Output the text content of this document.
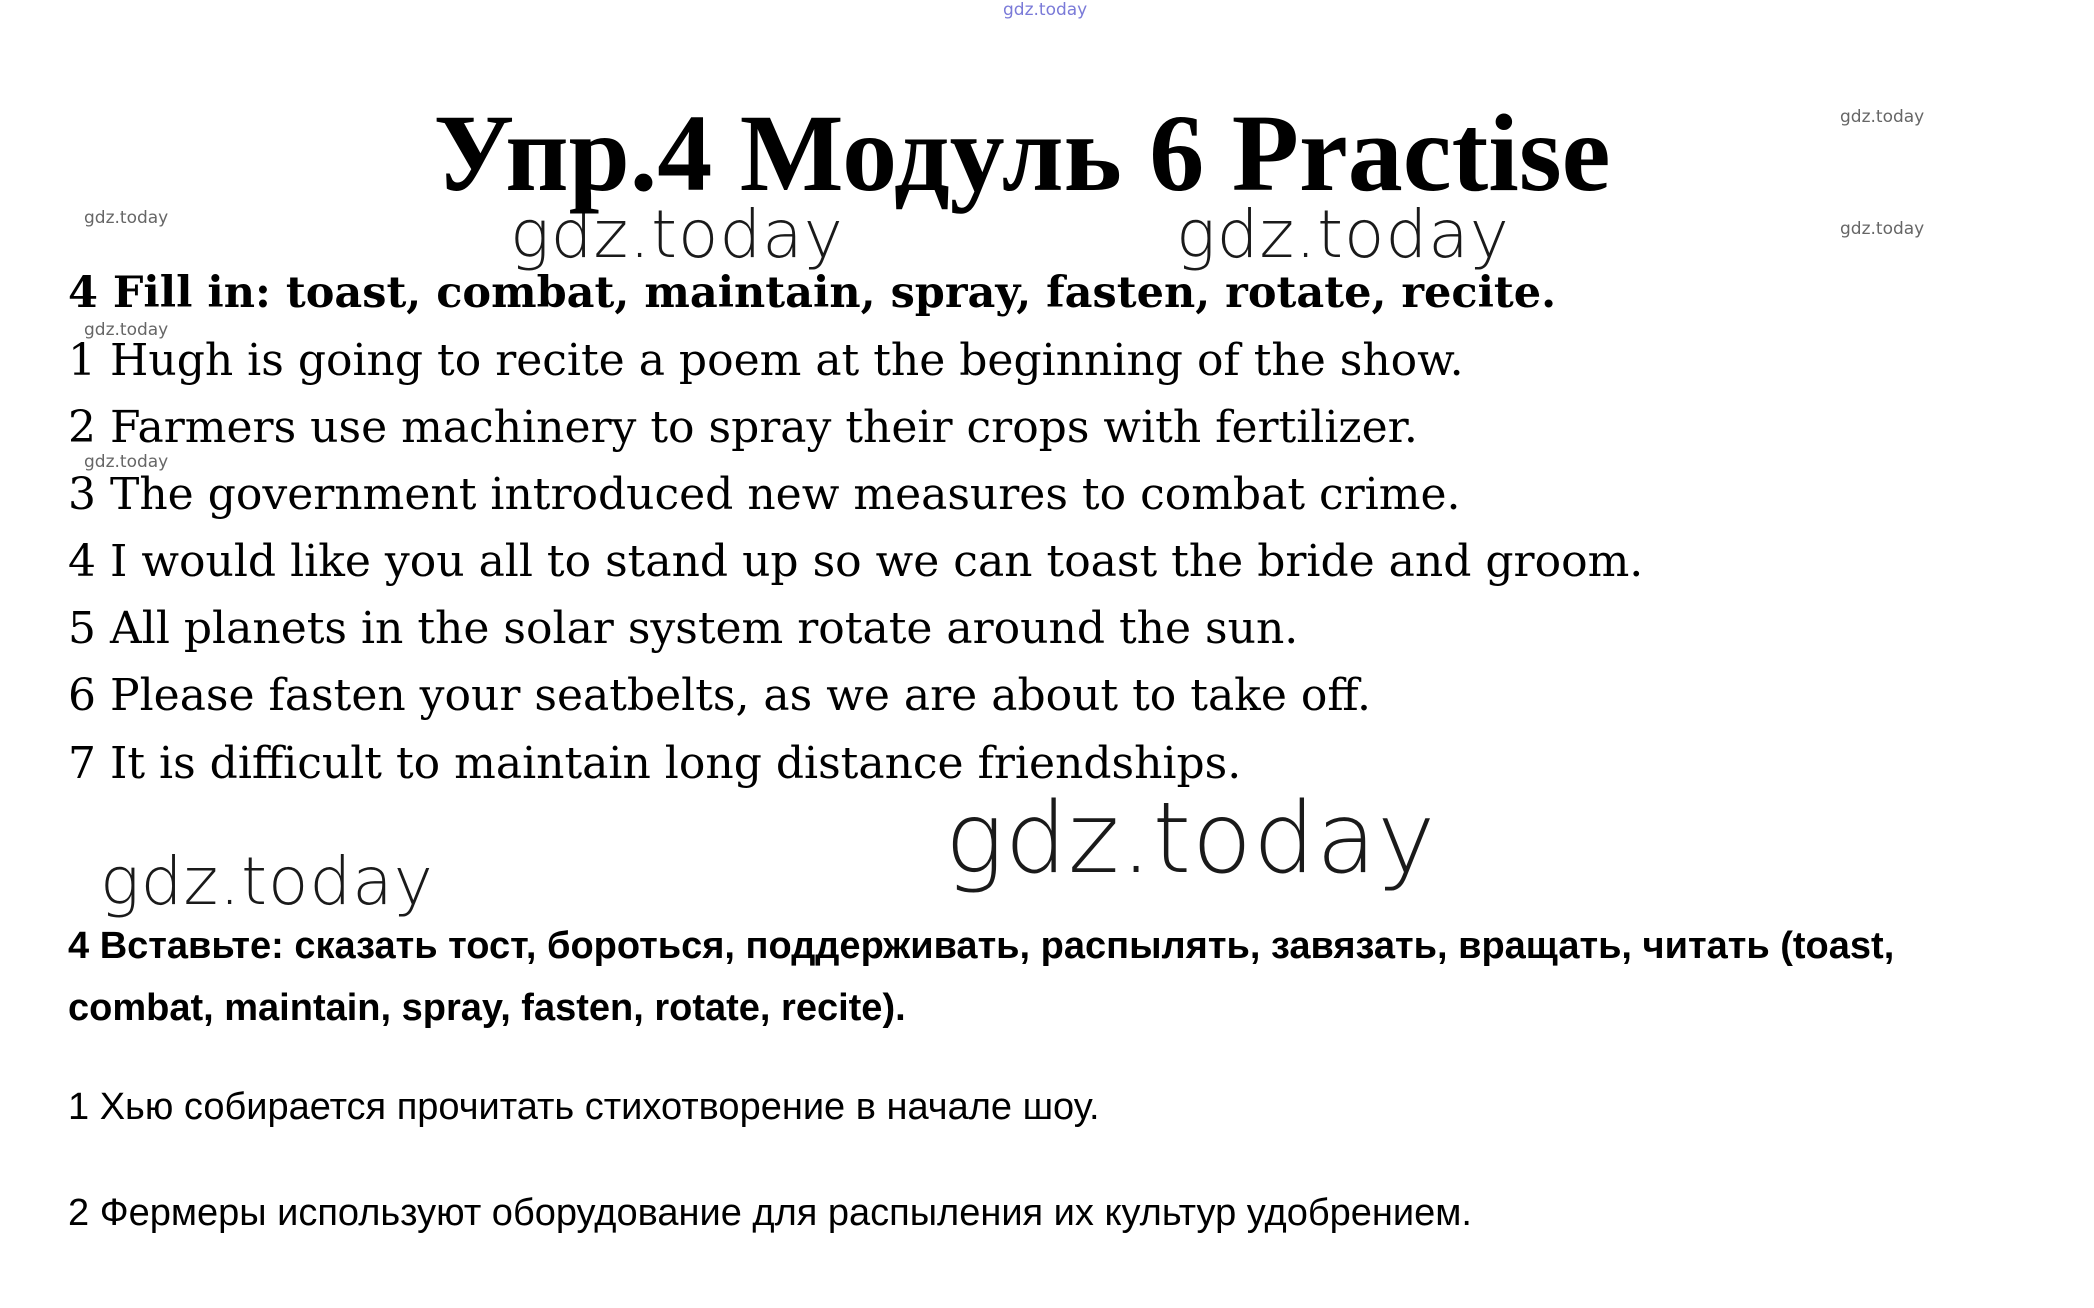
gdz.today
gdz.today
gdz.today
gdz.today
gdz.today
gdz.today
gdz.today	gdz.today
gdz.today
gdz.today
Упр.4 Модуль 6 Practise
4 Fill in: toast, combat, maintain, spray, fasten, rotate, recite.
1 Hugh is going to recite a poem at the beginning of the show.
2 Farmers use machinery to spray their crops with fertilizer.
3 The government introduced new measures to combat crime.
4 I would like you all to stand up so we can toast the bride and groom.
5 All planets in the solar system rotate around the sun.
6 Please fasten your seatbelts, as we are about to take off.
7 It is difficult to maintain long distance friendships.
4 Вставьте: сказать тост, бороться, поддерживать, распылять, завязать, вращать, читать (toast, combat, maintain, spray, fasten, rotate, recite).
1 Хью собирается прочитать стихотворение в начале шоу.
2 Фермеры используют оборудование для распыления их культур удобрением.
